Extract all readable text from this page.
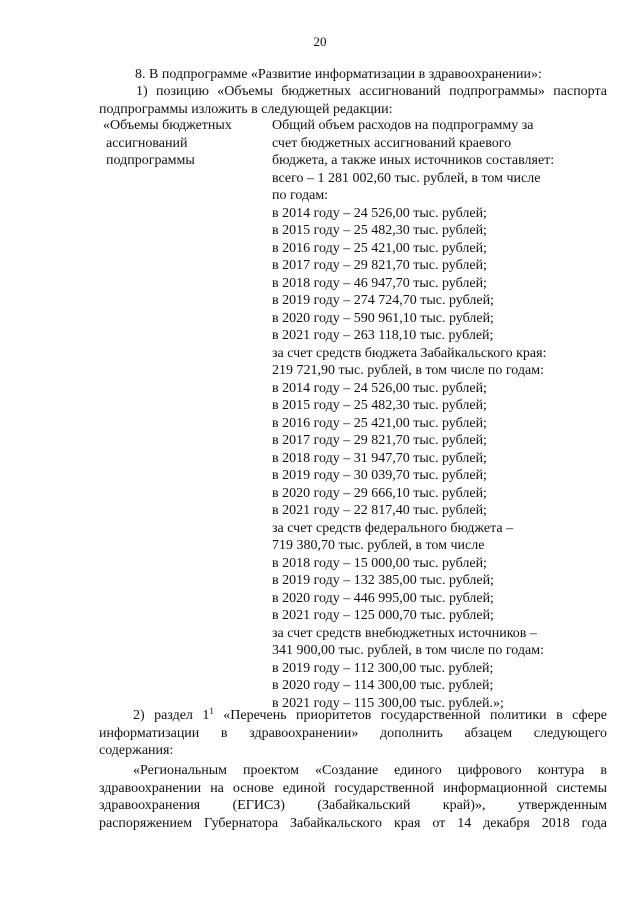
20
8. В подпрограмме «Развитие информатизации в здравоохранении»:

1) позицию «Объемы бюджетных ассигнований подпрограммы» паспорта

подпрограммы изложить в следующей редакции:

«Объемы бюджетных
ассигнований
подпрограммы
Общий объем расходов на подпрограмму за
счет бюджетных ассигнований краевого
бюджета, а также иных источников составляет:
всего – 1 281 002,60 тыс. рублей, в том числе
по годам:
в 2014 году – 24 526,00 тыс. рублей;
в 2015 году – 25 482,30 тыс. рублей;
в 2016 году – 25 421,00 тыс. рублей;
в 2017 году – 29 821,70 тыс. рублей;
в 2018 году – 46 947,70 тыс. рублей;
в 2019 году – 274 724,70 тыс. рублей;
в 2020 году – 590 961,10 тыс. рублей;
в 2021 году – 263 118,10 тыс. рублей;
за счет средств бюджета Забайкальского края:
219 721,90 тыс. рублей, в том числе по годам:
в 2014 году – 24 526,00 тыс. рублей;
в 2015 году – 25 482,30 тыс. рублей;
в 2016 году – 25 421,00 тыс. рублей;
в 2017 году – 29 821,70 тыс. рублей;
в 2018 году – 31 947,70 тыс. рублей;
в 2019 году – 30 039,70 тыс. рублей;
в 2020 году – 29 666,10 тыс. рублей;
в 2021 году – 22 817,40 тыс. рублей;
за счет средств федерального бюджета –
719 380,70 тыс. рублей, в том числе
в 2018 году – 15 000,00 тыс. рублей;
в 2019 году – 132 385,00 тыс. рублей;
в 2020 году – 446 995,00 тыс. рублей;
в 2021 году – 125 000,70 тыс. рублей;
за счет средств внебюджетных источников –
341 900,00 тыс. рублей, в том числе по годам:
в 2019 году – 112 300,00 тыс. рублей;
в 2020 году – 114 300,00 тыс. рублей;
в 2021 году – 115 300,00 тыс. рублей.»;

2) раздел $1^1$ «Перечень приоритетов государственной политики в сфере

информатизации в здравоохранении» дополнить абзацем следующего

содержания:

«Региональным проектом «Создание единого цифрового контура в

здравоохранении на основе единой государственной информационной системы

здравоохранения (ЕГИСЗ) (Забайкальский край)», утвержденным

распоряжением Губернатора Забайкальского края от 14 декабря 2018 года
